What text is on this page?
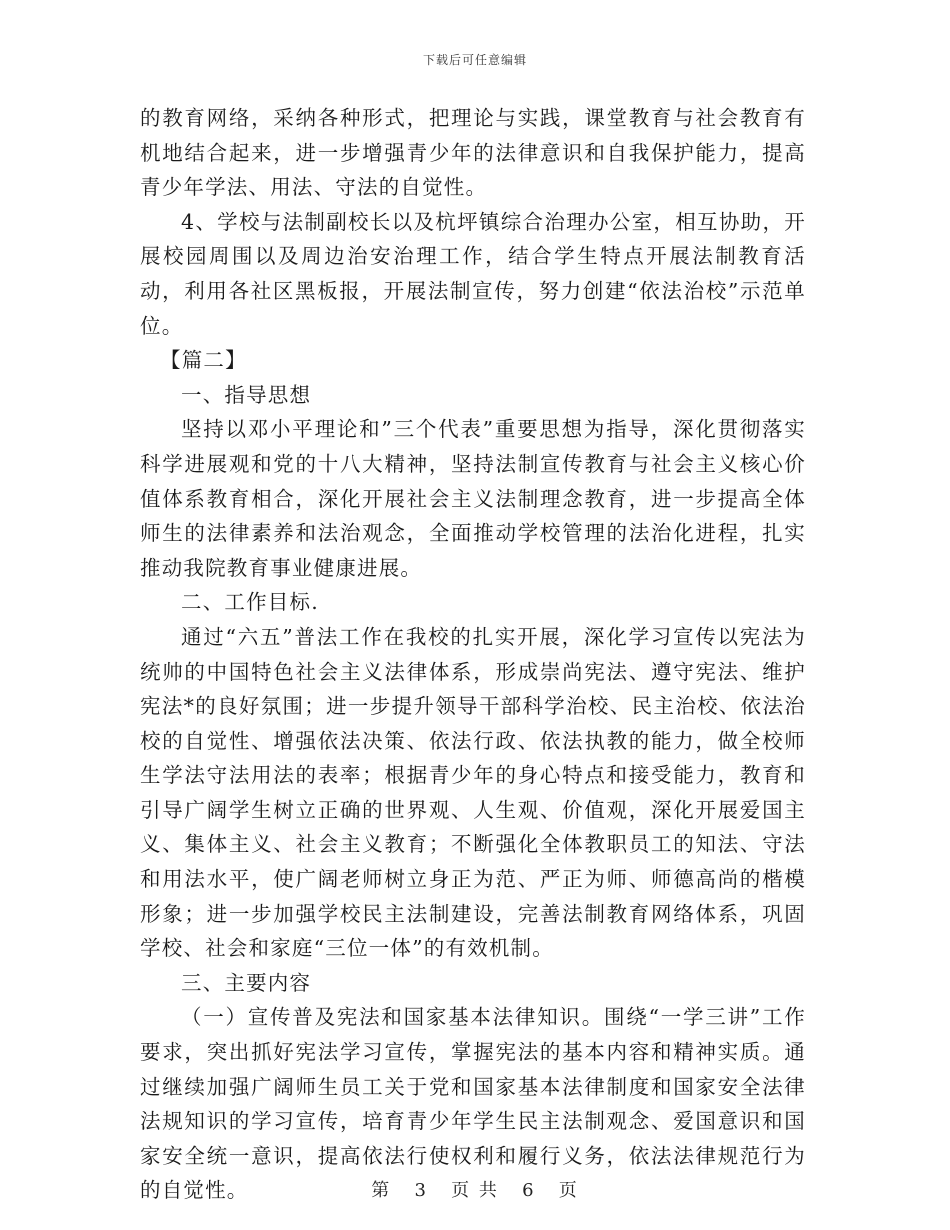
下载后可任意编辑

的教育网络，采纳各种形式，把理论与实践，课堂教育与社会教育有机地结合起来，进一步增强青少年的法律意识和自我保护能力，提高青少年学法、用法、守法的自觉性。

4、学校与法制副校长以及杭坪镇综合治理办公室，相互协助，开展校园周围以及周边治安治理工作，结合学生特点开展法制教育活动，利用各社区黑板报，开展法制宣传，努力创建“依法治校”示范单位。

【篇二】

一、指导思想

坚持以邓小平理论和”三个代表”重要思想为指导，深化贯彻落实科学进展观和党的十八大精神，坚持法制宣传教育与社会主义核心价值体系教育相合，深化开展社会主义法制理念教育，进一步提高全体师生的法律素养和法治观念，全面推动学校管理的法治化进程，扎实推动我院教育事业健康进展。

二、工作目标.

通过“六五”普法工作在我校的扎实开展，深化学习宣传以宪法为统帅的中国特色社会主义法律体系，形成崇尚宪法、遵守宪法、维护宪法*的良好氛围；进一步提升领导干部科学治校、民主治校、依法治校的自觉性、增强依法决策、依法行政、依法执教的能力，做全校师生学法守法用法的表率；根据青少年的身心特点和接受能力，教育和引导广阔学生树立正确的世界观、人生观、价值观，深化开展爱国主义、集体主义、社会主义教育；不断强化全体教职员工的知法、守法和用法水平，使广阔老师树立身正为范、严正为师、师德高尚的楷模形象；进一步加强学校民主法制建设，完善法制教育网络体系，巩固学校、社会和家庭“三位一体”的有效机制。

三、主要内容

（一）宣传普及宪法和国家基本法律知识。围绕“一学三讲”工作要求，突出抓好宪法学习宣传，掌握宪法的基本内容和精神实质。通过继续加强广阔师生员工关于党和国家基本法律制度和国家安全法律法规知识的学习宣传，培育青少年学生民主法制观念、爱国意识和国家安全统一意识，提高依法行使权利和履行义务，依法法律规范行为的自觉性。	第 3 页 共 6 页
